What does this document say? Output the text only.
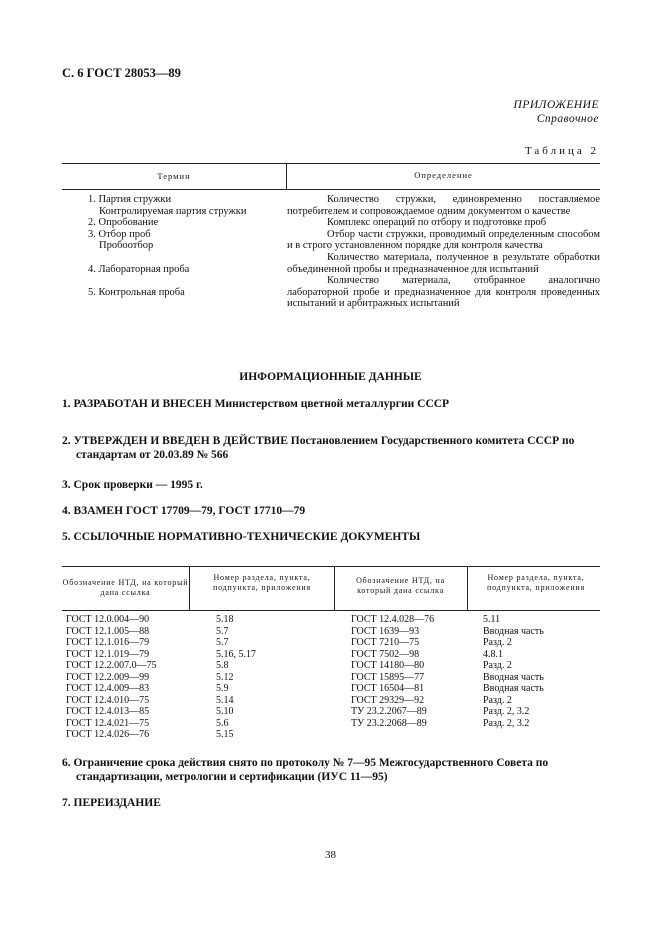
С. 6 ГОСТ 28053—89
ПРИЛОЖЕНИЕ
Справочное
Таблица 2
Термин	Определение
1. Партия стружки
Контролируемая партия стружки
2. Опробование
3. Отбор проб
Пробоотбор
4. Лабораторная проба
5. Контрольная проба

Количество стружки, единовременно поставляемое потребителем и сопровождаемое одним документом о качестве

Комплекс операций по отбору и подготовке проб

Отбор части стружки, проводимый определенным способом и в строго установленном порядке для контроля качества

Количество материала, полученное в результате обработки объединенной пробы и предназначенное для испытаний

Количество материала, отобранное аналогично лабораторной пробе и предназначенное для контроля проведенных испытаний и арбитражных испытаний

ИНФОРМАЦИОННЫЕ ДАННЫЕ
1. РАЗРАБОТАН И ВНЕСЕН Министерством цветной металлургии СССР
2. УТВЕРЖДЕН И ВВЕДЕН В ДЕЙСТВИЕ Постановлением Государственного комитета СССР по стандартам от 20.03.89 № 566
3. Срок проверки — 1995 г.
4. ВЗАМЕН ГОСТ 17709—79, ГОСТ 17710—79
5. ССЫЛОЧНЫЕ НОРМАТИВНО-ТЕХНИЧЕСКИЕ ДОКУМЕНТЫ
Обозначение НТД, на который дана ссылка
Номер раздела, пункта, подпункта, приложения
Обозначение НТД, на который дана ссылка
Номер раздела, пункта, подпункта, приложения
ГОСТ 12.0.004—90
ГОСТ 12.1.005—88
ГОСТ 12.1.016—79
ГОСТ 12.1.019—79
ГОСТ 12.2.007.0—75
ГОСТ 12.2.009—99
ГОСТ 12.4.009—83
ГОСТ 12.4.010—75
ГОСТ 12.4.013—85
ГОСТ 12.4.021—75
ГОСТ 12.4.026—76
5.18
5.7
5.7
5.16, 5.17
5.8
5.12
5.9
5.14
5.10
5.6
5.15
ГОСТ 12.4.028—76
ГОСТ 1639—93
ГОСТ 7210—75
ГОСТ 7502—98
ГОСТ 14180—80
ГОСТ 15895—77
ГОСТ 16504—81
ГОСТ 29329—92
ТУ 23.2.2067—89
ТУ 23.2.2068—89
5.11
Вводная часть
Разд. 2
4.8.1
Разд. 2
Вводная часть
Вводная часть
Разд. 2
Разд. 2, 3.2
Разд. 2, 3.2
6. Ограничение срока действия снято по протоколу № 7—95 Межгосударственного Совета по стандартизации, метрологии и сертификации (ИУС 11—95)
7. ПЕРЕИЗДАНИЕ
38
